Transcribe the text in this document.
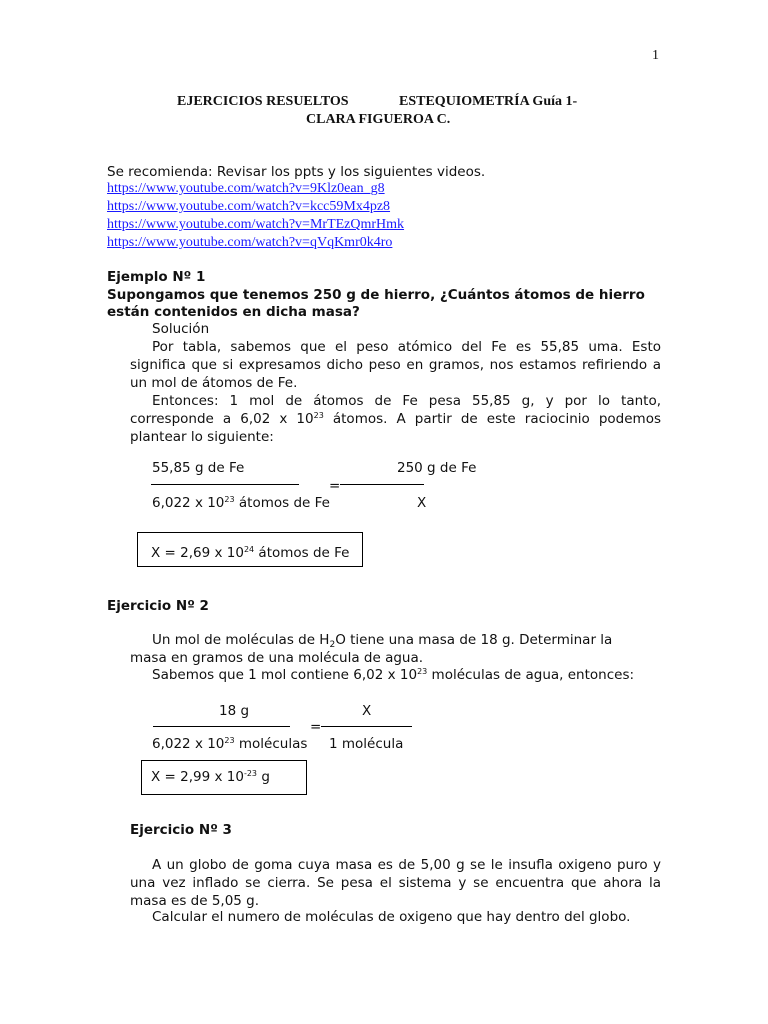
1
EJERCICIOS RESUELTOS	ESTEQUIOMETRÍA Guía 1-
CLARA FIGUEROA C.
Se recomienda: Revisar los ppts y los siguientes videos.
https://www.youtube.com/watch?v=9Klz0ean_g8
https://www.youtube.com/watch?v=kcc59Mx4pz8
https://www.youtube.com/watch?v=MrTEzQmrHmk
https://www.youtube.com/watch?v=qVqKmr0k4ro
Ejemplo Nº 1
Supongamos que tenemos 250 g de hierro, ¿Cuántos átomos de hierro
están contenidos en dicha masa?
Solución
Por tabla, sabemos que el peso atómico del Fe es 55,85 uma. Esto significa que si expresamos dicho peso en gramos, nos estamos refiriendo a un mol de átomos de Fe.
Entonces: 1 mol de átomos de Fe pesa 55,85 g, y por lo tanto, corresponde a 6,02 x $10^{23}$ átomos. A partir de este raciocinio podemos plantear lo siguiente:
55,85 g de Fe
6,022 x $10^{23}$ átomos de Fe
=
250 g de Fe
X
X = 2,69 x $10^{24}$ átomos de Fe
Ejercicio Nº 2
Un mol de moléculas de $H_2O$ tiene una masa de 18 g. Determinar la
masa en gramos de una molécula de agua.
Sabemos que 1 mol contiene 6,02 x $10^{23}$ moléculas de agua, entonces:
18 g
6,022 x $10^{23}$ moléculas
=
X
1 molécula
X = 2,99 x $10^{-23}$ g
Ejercicio Nº 3
A un globo de goma cuya masa es de 5,00 g se le insufla oxigeno puro y una vez inflado se cierra. Se pesa el sistema y se encuentra que ahora la masa es de 5,05 g.
Calcular el numero de moléculas de oxigeno que hay dentro del globo.
